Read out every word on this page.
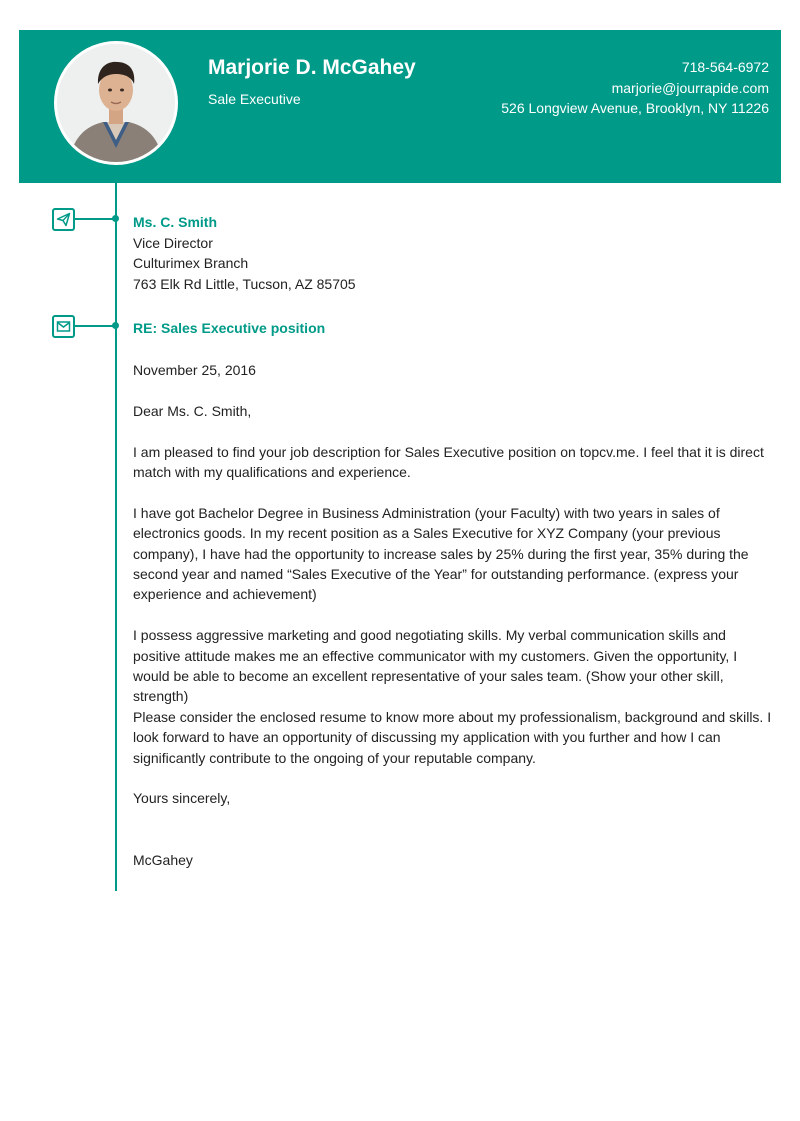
Marjorie D. McGahey
Sale Executive
718-564-6972
marjorie@jourrapide.com
526 Longview Avenue, Brooklyn, NY 11226
Ms. C. Smith
Vice Director
Culturimex Branch
763 Elk Rd Little, Tucson, AZ 85705
RE: Sales Executive position

November 25, 2016

Dear Ms. C. Smith,

I am pleased to find your job description for Sales Executive position on topcv.me. I feel that it is direct match with my qualifications and experience.

I have got Bachelor Degree in Business Administration (your Faculty) with two years in sales of electronics goods. In my recent position as a Sales Executive for XYZ Company (your previous company), I have had the opportunity to increase sales by 25% during the first year, 35% during the second year and named “Sales Executive of the Year” for outstanding performance. (express your experience and achievement)

I possess aggressive marketing and good negotiating skills. My verbal communication skills and positive attitude makes me an effective communicator with my customers. Given the opportunity, I would be able to become an excellent representative of your sales team. (Show your other skill, strength)

Please consider the enclosed resume to know more about my professionalism, background and skills. I look forward to have an opportunity of discussing my application with you further and how I can significantly contribute to the ongoing of your reputable company.

Yours sincerely,

McGahey
